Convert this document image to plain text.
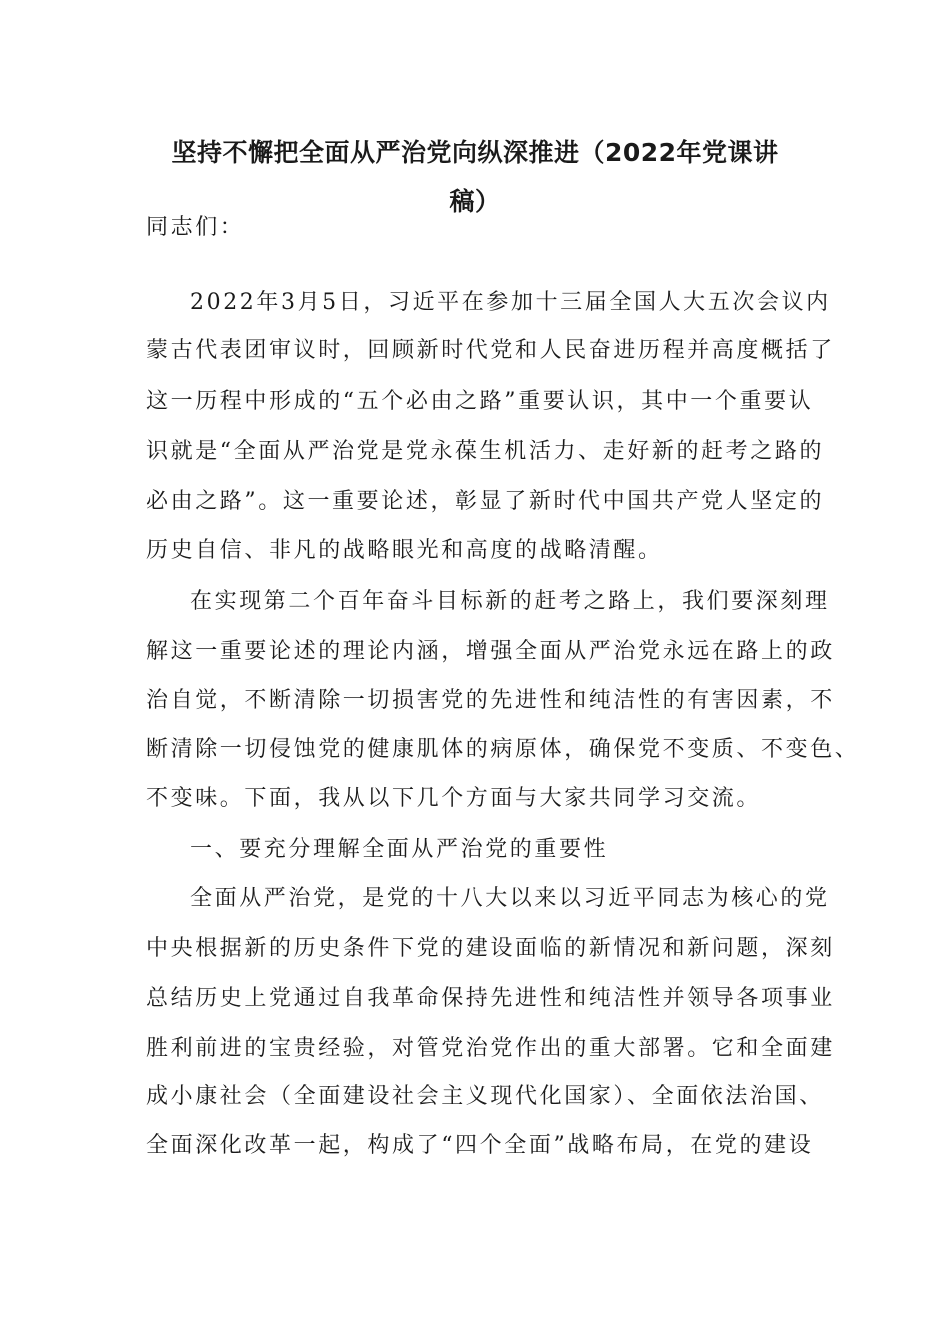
坚持不懈把全面从严治党向纵深推进（2022年党课讲
稿）

同志们：

2022年3月5日，习近平在参加十三届全国人大五次会议内

蒙古代表团审议时，回顾新时代党和人民奋进历程并高度概括了

这一历程中形成的“五个必由之路”重要认识，其中一个重要认

识就是“全面从严治党是党永葆生机活力、走好新的赶考之路的

必由之路”。这一重要论述，彰显了新时代中国共产党人坚定的

历史自信、非凡的战略眼光和高度的战略清醒。

在实现第二个百年奋斗目标新的赶考之路上，我们要深刻理

解这一重要论述的理论内涵，增强全面从严治党永远在路上的政

治自觉，不断清除一切损害党的先进性和纯洁性的有害因素，不

断清除一切侵蚀党的健康肌体的病原体，确保党不变质、不变色、

不变味。下面，我从以下几个方面与大家共同学习交流。

一、要充分理解全面从严治党的重要性

全面从严治党，是党的十八大以来以习近平同志为核心的党

中央根据新的历史条件下党的建设面临的新情况和新问题，深刻

总结历史上党通过自我革命保持先进性和纯洁性并领导各项事业

胜利前进的宝贵经验，对管党治党作出的重大部署。它和全面建

成小康社会（全面建设社会主义现代化国家）、全面依法治国、

全面深化改革一起，构成了“四个全面”战略布局，在党的建设
